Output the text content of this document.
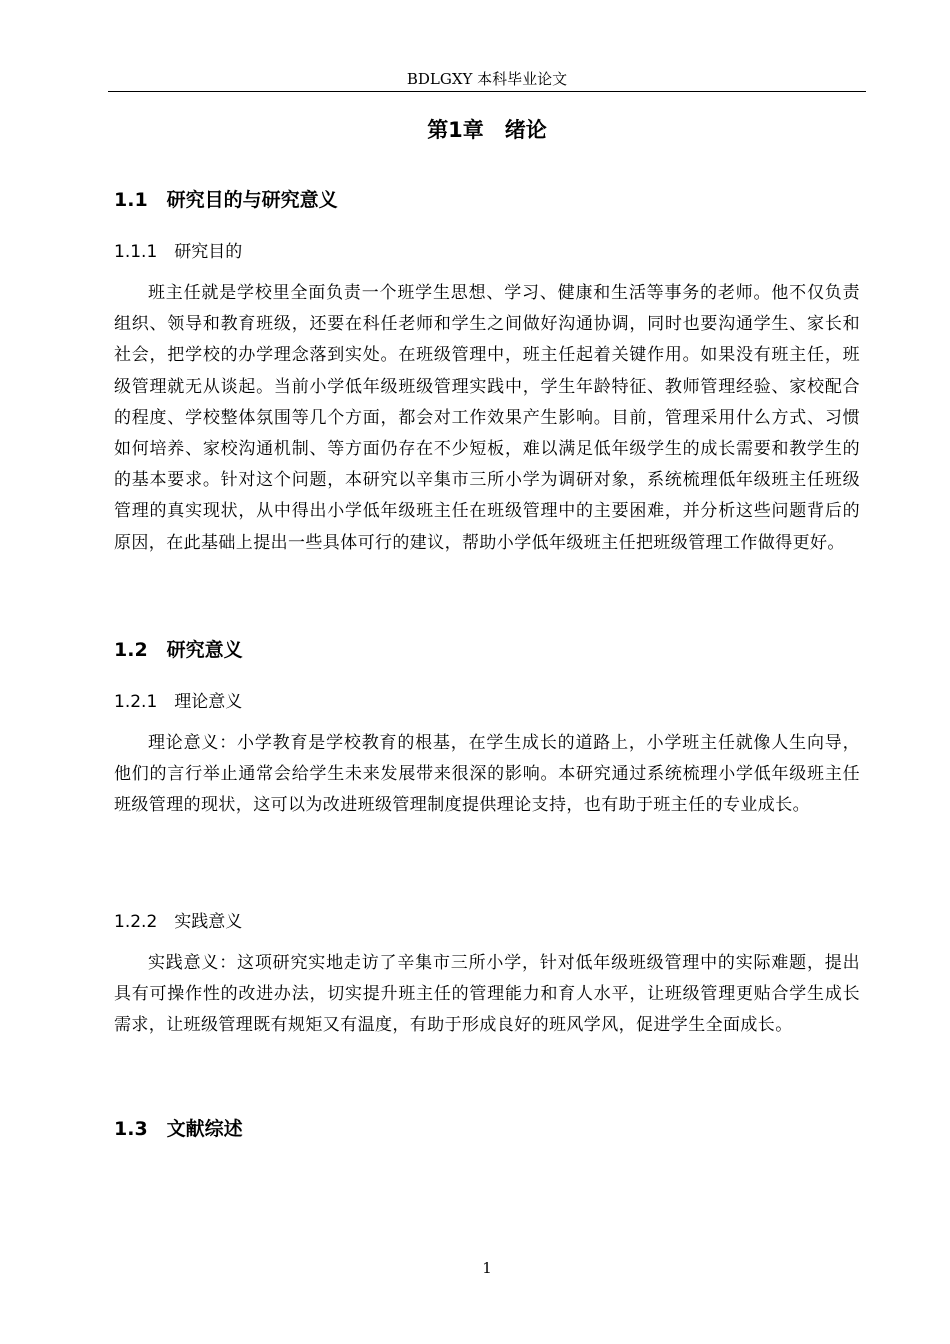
BDLGXY 本科毕业论文
第1章　绪论
1.1　研究目的与研究意义
1.1.1　研究目的

班主任就是学校里全面负责一个班学生思想、学习、健康和生活等事务的老师。他不仅负责组织、领导和教育班级，还要在科任老师和学生之间做好沟通协调，同时也要沟通学生、家长和社会，把学校的办学理念落到实处。在班级管理中，班主任起着关键作用。如果没有班主任，班级管理就无从谈起。当前小学低年级班级管理实践中，学生年龄特征、教师管理经验、家校配合的程度、学校整体氛围等几个方面，都会对工作效果产生影响。目前，管理采用什么方式、习惯如何培养、家校沟通机制、等方面仍存在不少短板，难以满足低年级学生的成长需要和教学生的的基本要求。针对这个问题，本研究以辛集市三所小学为调研对象，系统梳理低年级班主任班级管理的真实现状，从中得出小学低年级班主任在班级管理中的主要困难，并分析这些问题背后的原因，在此基础上提出一些具体可行的建议，帮助小学低年级班主任把班级管理工作做得更好。

1.2　研究意义
1.2.1　理论意义

理论意义：小学教育是学校教育的根基，在学生成长的道路上，小学班主任就像人生向导，他们的言行举止通常会给学生未来发展带来很深的影响。本研究通过系统梳理小学低年级班主任班级管理的现状，这可以为改进班级管理制度提供理论支持，也有助于班主任的专业成长。

1.2.2　实践意义

实践意义：这项研究实地走访了辛集市三所小学，针对低年级班级管理中的实际难题，提出具有可操作性的改进办法，切实提升班主任的管理能力和育人水平，让班级管理更贴合学生成长需求，让班级管理既有规矩又有温度，有助于形成良好的班风学风，促进学生全面成长。

1.3　文献综述
1
